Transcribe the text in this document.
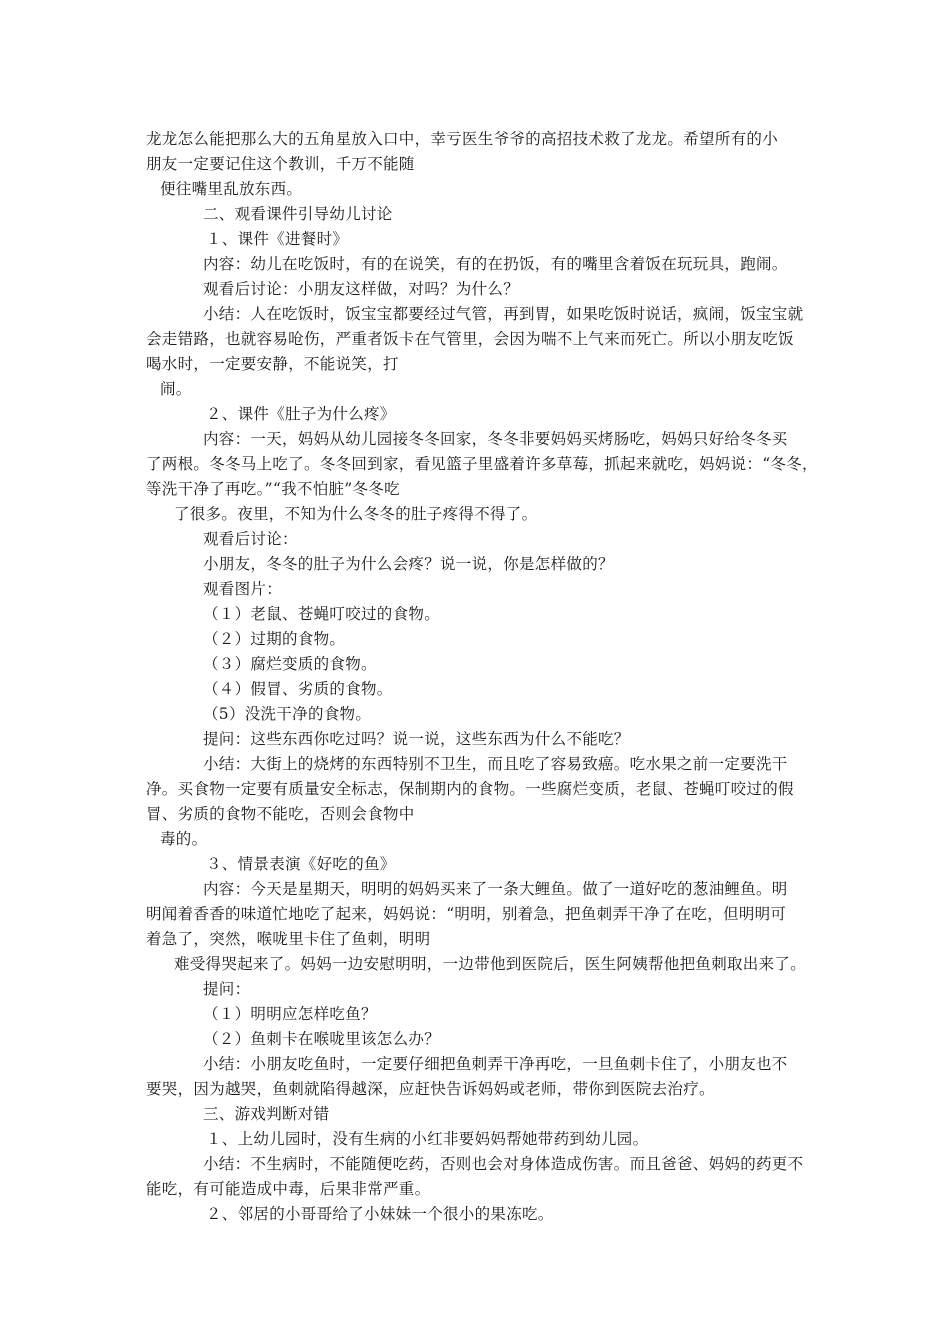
龙龙怎么能把那么大的五角星放入口中，幸亏医生爷爷的高招技术救了龙龙。希望所有的小
朋友一定要记住这个教训，千万不能随
便往嘴里乱放东西。
二、观看课件引导幼儿讨论
１、课件《进餐时》
内容：幼儿在吃饭时，有的在说笑，有的在扔饭，有的嘴里含着饭在玩玩具，跑闹。
观看后讨论：小朋友这样做，对吗？为什么？
小结：人在吃饭时，饭宝宝都要经过气管，再到胃，如果吃饭时说话，疯闹，饭宝宝就
会走错路，也就容易呛伤，严重者饭卡在气管里，会因为喘不上气来而死亡。所以小朋友吃饭
喝水时，一定要安静，不能说笑，打
闹。
２、课件《肚子为什么疼》
内容：一天，妈妈从幼儿园接冬冬回家，冬冬非要妈妈买烤肠吃，妈妈只好给冬冬买
了两根。冬冬马上吃了。冬冬回到家，看见篮子里盛着许多草莓，抓起来就吃，妈妈说：“冬冬，
等洗干净了再吃。”“我不怕脏”冬冬吃
了很多。夜里，不知为什么冬冬的肚子疼得不得了。
观看后讨论：
小朋友，冬冬的肚子为什么会疼？说一说，你是怎样做的？
观看图片：
（１）老鼠、苍蝇叮咬过的食物。
（２）过期的食物。
（３）腐烂变质的食物。
（４）假冒、劣质的食物。
（5）没洗干净的食物。
提问：这些东西你吃过吗？说一说，这些东西为什么不能吃？
小结：大街上的烧烤的东西特别不卫生，而且吃了容易致癌。吃水果之前一定要洗干
净。买食物一定要有质量安全标志，保制期内的食物。一些腐烂变质，老鼠、苍蝇叮咬过的假
冒、劣质的食物不能吃，否则会食物中
毒的。
３、情景表演《好吃的鱼》
内容：今天是星期天，明明的妈妈买来了一条大鲤鱼。做了一道好吃的葱油鲤鱼。明
明闻着香香的味道忙地吃了起来，妈妈说：“明明，别着急，把鱼刺弄干净了在吃，但明明可
着急了，突然，喉咙里卡住了鱼刺，明明
难受得哭起来了。妈妈一边安慰明明，一边带他到医院后，医生阿姨帮他把鱼刺取出来了。
提问：
（１）明明应怎样吃鱼？
（２）鱼刺卡在喉咙里该怎么办？
小结：小朋友吃鱼时，一定要仔细把鱼刺弄干净再吃，一旦鱼刺卡住了，小朋友也不
要哭，因为越哭，鱼刺就陷得越深，应赶快告诉妈妈或老师，带你到医院去治疗。
三、游戏判断对错
１、上幼儿园时，没有生病的小红非要妈妈帮她带药到幼儿园。
小结：不生病时，不能随便吃药，否则也会对身体造成伤害。而且爸爸、妈妈的药更不
能吃，有可能造成中毒，后果非常严重。
２、邻居的小哥哥给了小妹妹一个很小的果冻吃。
